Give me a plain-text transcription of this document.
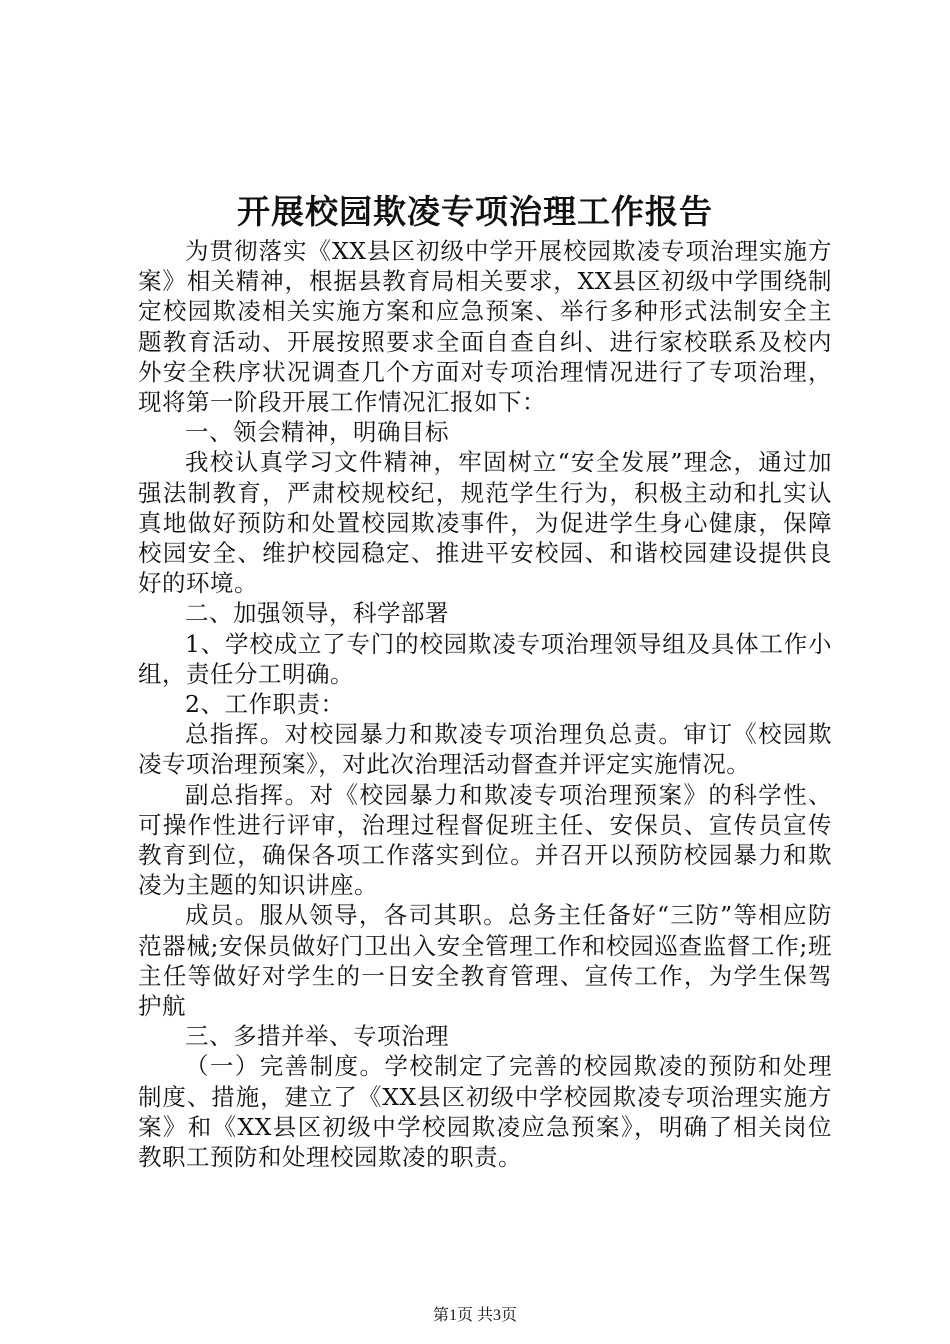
开展校园欺凌专项治理工作报告

为贯彻落实《XX县区初级中学开展校园欺凌专项治理实施方案》相关精神，根据县教育局相关要求，XX县区初级中学围绕制定校园欺凌相关实施方案和应急预案、举行多种形式法制安全主题教育活动、开展按照要求全面自查自纠、进行家校联系及校内外安全秩序状况调查几个方面对专项治理情况进行了专项治理，现将第一阶段开展工作情况汇报如下：

一、领会精神，明确目标

我校认真学习文件精神，牢固树立“安全发展”理念，通过加强法制教育，严肃校规校纪，规范学生行为，积极主动和扎实认真地做好预防和处置校园欺凌事件，为促进学生身心健康，保障校园安全、维护校园稳定、推进平安校园、和谐校园建设提供良好的环境。

二、加强领导，科学部署

1、学校成立了专门的校园欺凌专项治理领导组及具体工作小组，责任分工明确。

2、工作职责：

总指挥。对校园暴力和欺凌专项治理负总责。审订《校园欺凌专项治理预案》，对此次治理活动督查并评定实施情况。

副总指挥。对《校园暴力和欺凌专项治理预案》的科学性、可操作性进行评审，治理过程督促班主任、安保员、宣传员宣传教育到位，确保各项工作落实到位。并召开以预防校园暴力和欺凌为主题的知识讲座。

成员。服从领导，各司其职。总务主任备好“三防”等相应防范器械;安保员做好门卫出入安全管理工作和校园巡查监督工作;班主任等做好对学生的一日安全教育管理、宣传工作，为学生保驾护航

三、多措并举、专项治理

（一）完善制度。学校制定了完善的校园欺凌的预防和处理制度、措施，建立了《XX县区初级中学校园欺凌专项治理实施方案》和《XX县区初级中学校园欺凌应急预案》，明确了相关岗位教职工预防和处理校园欺凌的职责。

第1页 共3页
